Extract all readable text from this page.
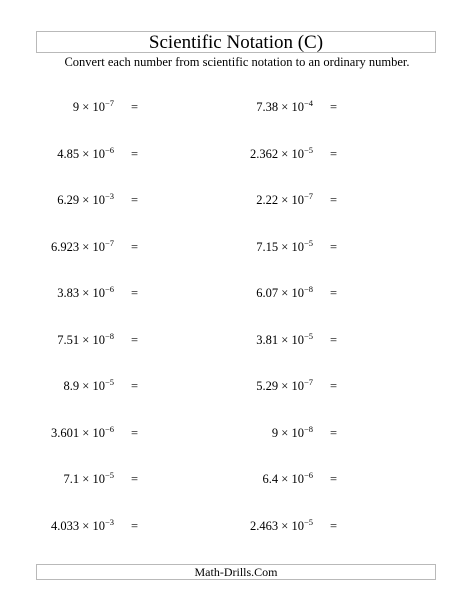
Scientific Notation (C)
Convert each number from scientific notation to an ordinary number.
$9 \times 10^{-7}$ =
$4.85 \times 10^{-6}$ =
$6.29 \times 10^{-3}$ =
$6.923 \times 10^{-7}$ =
$3.83 \times 10^{-6}$ =
$7.51 \times 10^{-8}$ =
$8.9 \times 10^{-5}$ =
$3.601 \times 10^{-6}$ =
$7.1 \times 10^{-5}$ =
$4.033 \times 10^{-3}$ =
$7.38 \times 10^{-4}$ =
$2.362 \times 10^{-5}$ =
$2.22 \times 10^{-7}$ =
$7.15 \times 10^{-5}$ =
$6.07 \times 10^{-8}$ =
$3.81 \times 10^{-5}$ =
$5.29 \times 10^{-7}$ =
$9 \times 10^{-8}$ =
$6.4 \times 10^{-6}$ =
$2.463 \times 10^{-5}$ =
Math-Drills.Com
